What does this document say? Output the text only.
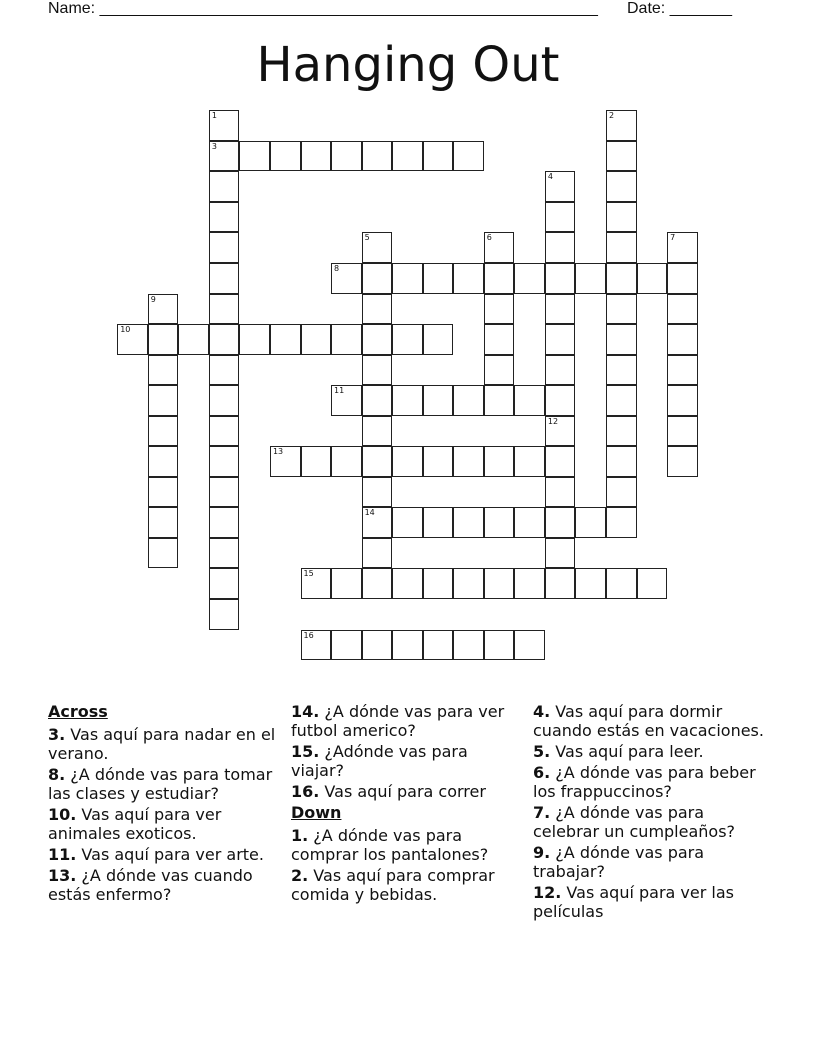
Name: ________________________________________________________ Date: _______
Hanging Out
1
3
2
4
5
14
6	7
8
9
10
11
12
13
15
16
Across
3. Vas aquí para nadar en el verano.
8. ¿A dónde vas para tomar las clases y estudiar?
10. Vas aquí para ver animales exoticos.
11. Vas aquí para ver arte.
13. ¿A dónde vas cuando estás enfermo?
14. ¿A dónde vas para ver futbol americo?
15. ¿Adónde vas para viajar?
16. Vas aquí para correr
Down
1. ¿A dónde vas para comprar los pantalones?
2. Vas aquí para comprar comida y bebidas.
4. Vas aquí para dormir cuando estás en vacaciones.
5. Vas aquí para leer.
6. ¿A dónde vas para beber los frappuccinos?
7. ¿A dónde vas para celebrar un cumpleaños?
9. ¿A dónde vas para trabajar?
12. Vas aquí para ver las películas
